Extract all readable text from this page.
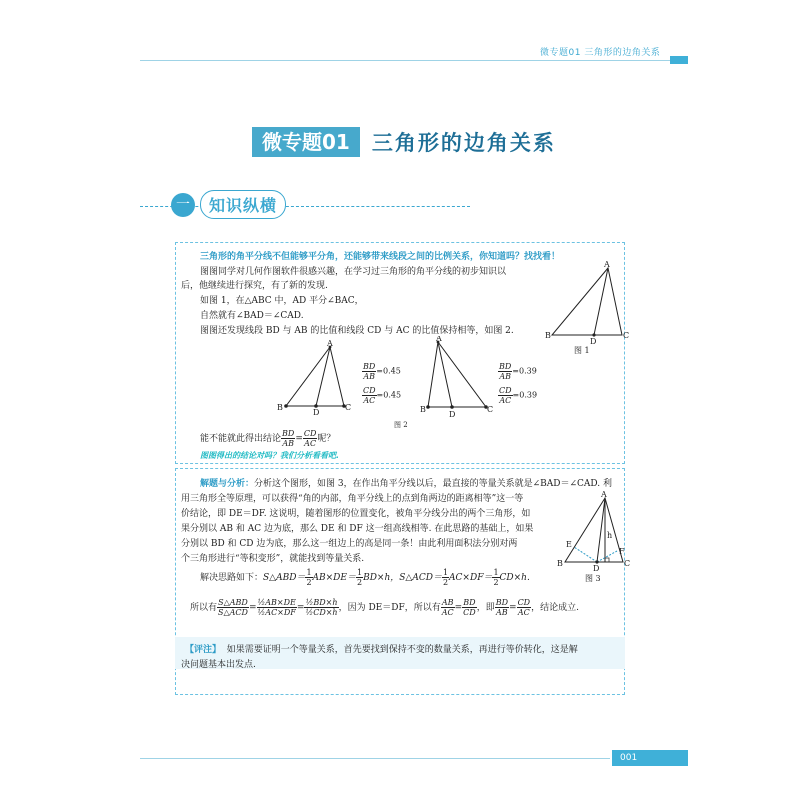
微专题01 三角形的边角关系
微专题01	三角形的边角关系
一	知识纵横
三角形的角平分线不但能够平分角，还能够带来线段之间的比例关系，你知道吗？找找看！
图图同学对几何作图软件很感兴趣，在学习过三角形的角平分线的初步知识以
后，他继续进行探究，有了新的发现.
如图 1，在△ABC 中，AD 平分∠BAC，
自然就有∠BAD＝∠CAD.
图图还发现线段 BD 与 AB 的比值和线段 CD 与 AC 的比值保持相等，如图 2.
A
B	C
D
图 1
A
B	C
D
$\frac{BD}{AB} =0.45$
$\frac{CD}{AC} =0.45$
A
B	C
D
$\frac{BD}{AB} =0.39$
$\frac{CD}{AC} =0.39$
图 2
能不能就此得出结论 $\frac{BD}{AB} = \frac{CD}{AC}$ 呢？
图图得出的结论对吗？我们分析看看吧.
解题与分析：分析这个图形，如图 3，在作出角平分线以后，最直接的等量关系就是∠BAD＝∠CAD. 利
用三角形全等原理，可以获得“角的内部，角平分线上的点到角两边的距离相等”这一等
价结论，即 DE＝DF. 这说明，随着图形的位置变化，被角平分线分出的两个三角形，如
果分别以 AB 和 AC 边为底，那么 DE 和 DF 这一组高线相等. 在此思路的基础上，如果
分别以 BD 和 CD 边为底，那么这一组边上的高是同一条！由此利用面积法分别对两
个三角形进行“等积变形”，就能找到等量关系.
A
B	C
D
E
F
h
图 3
解决思路如下：S△ABD＝ $\frac{1}{2} AB\times DE= \frac{1}{2} BD\times h$，S△ACD＝ $\frac{1}{2} AC\times DF= \frac{1}{2} CD\times h$.
所以有 $\frac{\text{S△ABD}}{\text{S△ACD}} = \frac{\text{½AB×DE}}{\text{½AC×DF}} = \frac{\text{½BD×h}}{\text{½CD×h}}$ ，因为 DE＝DF，所以有 $\frac{AB}{AC} = \frac{BD}{CD}$ ，即 $\frac{BD}{AB} = \frac{CD}{AC}$ ，结论成立.
【评注】 如果需要证明一个等量关系，首先要找到保持不变的数量关系，再进行等价转化，这是解
决问题基本出发点.
001
